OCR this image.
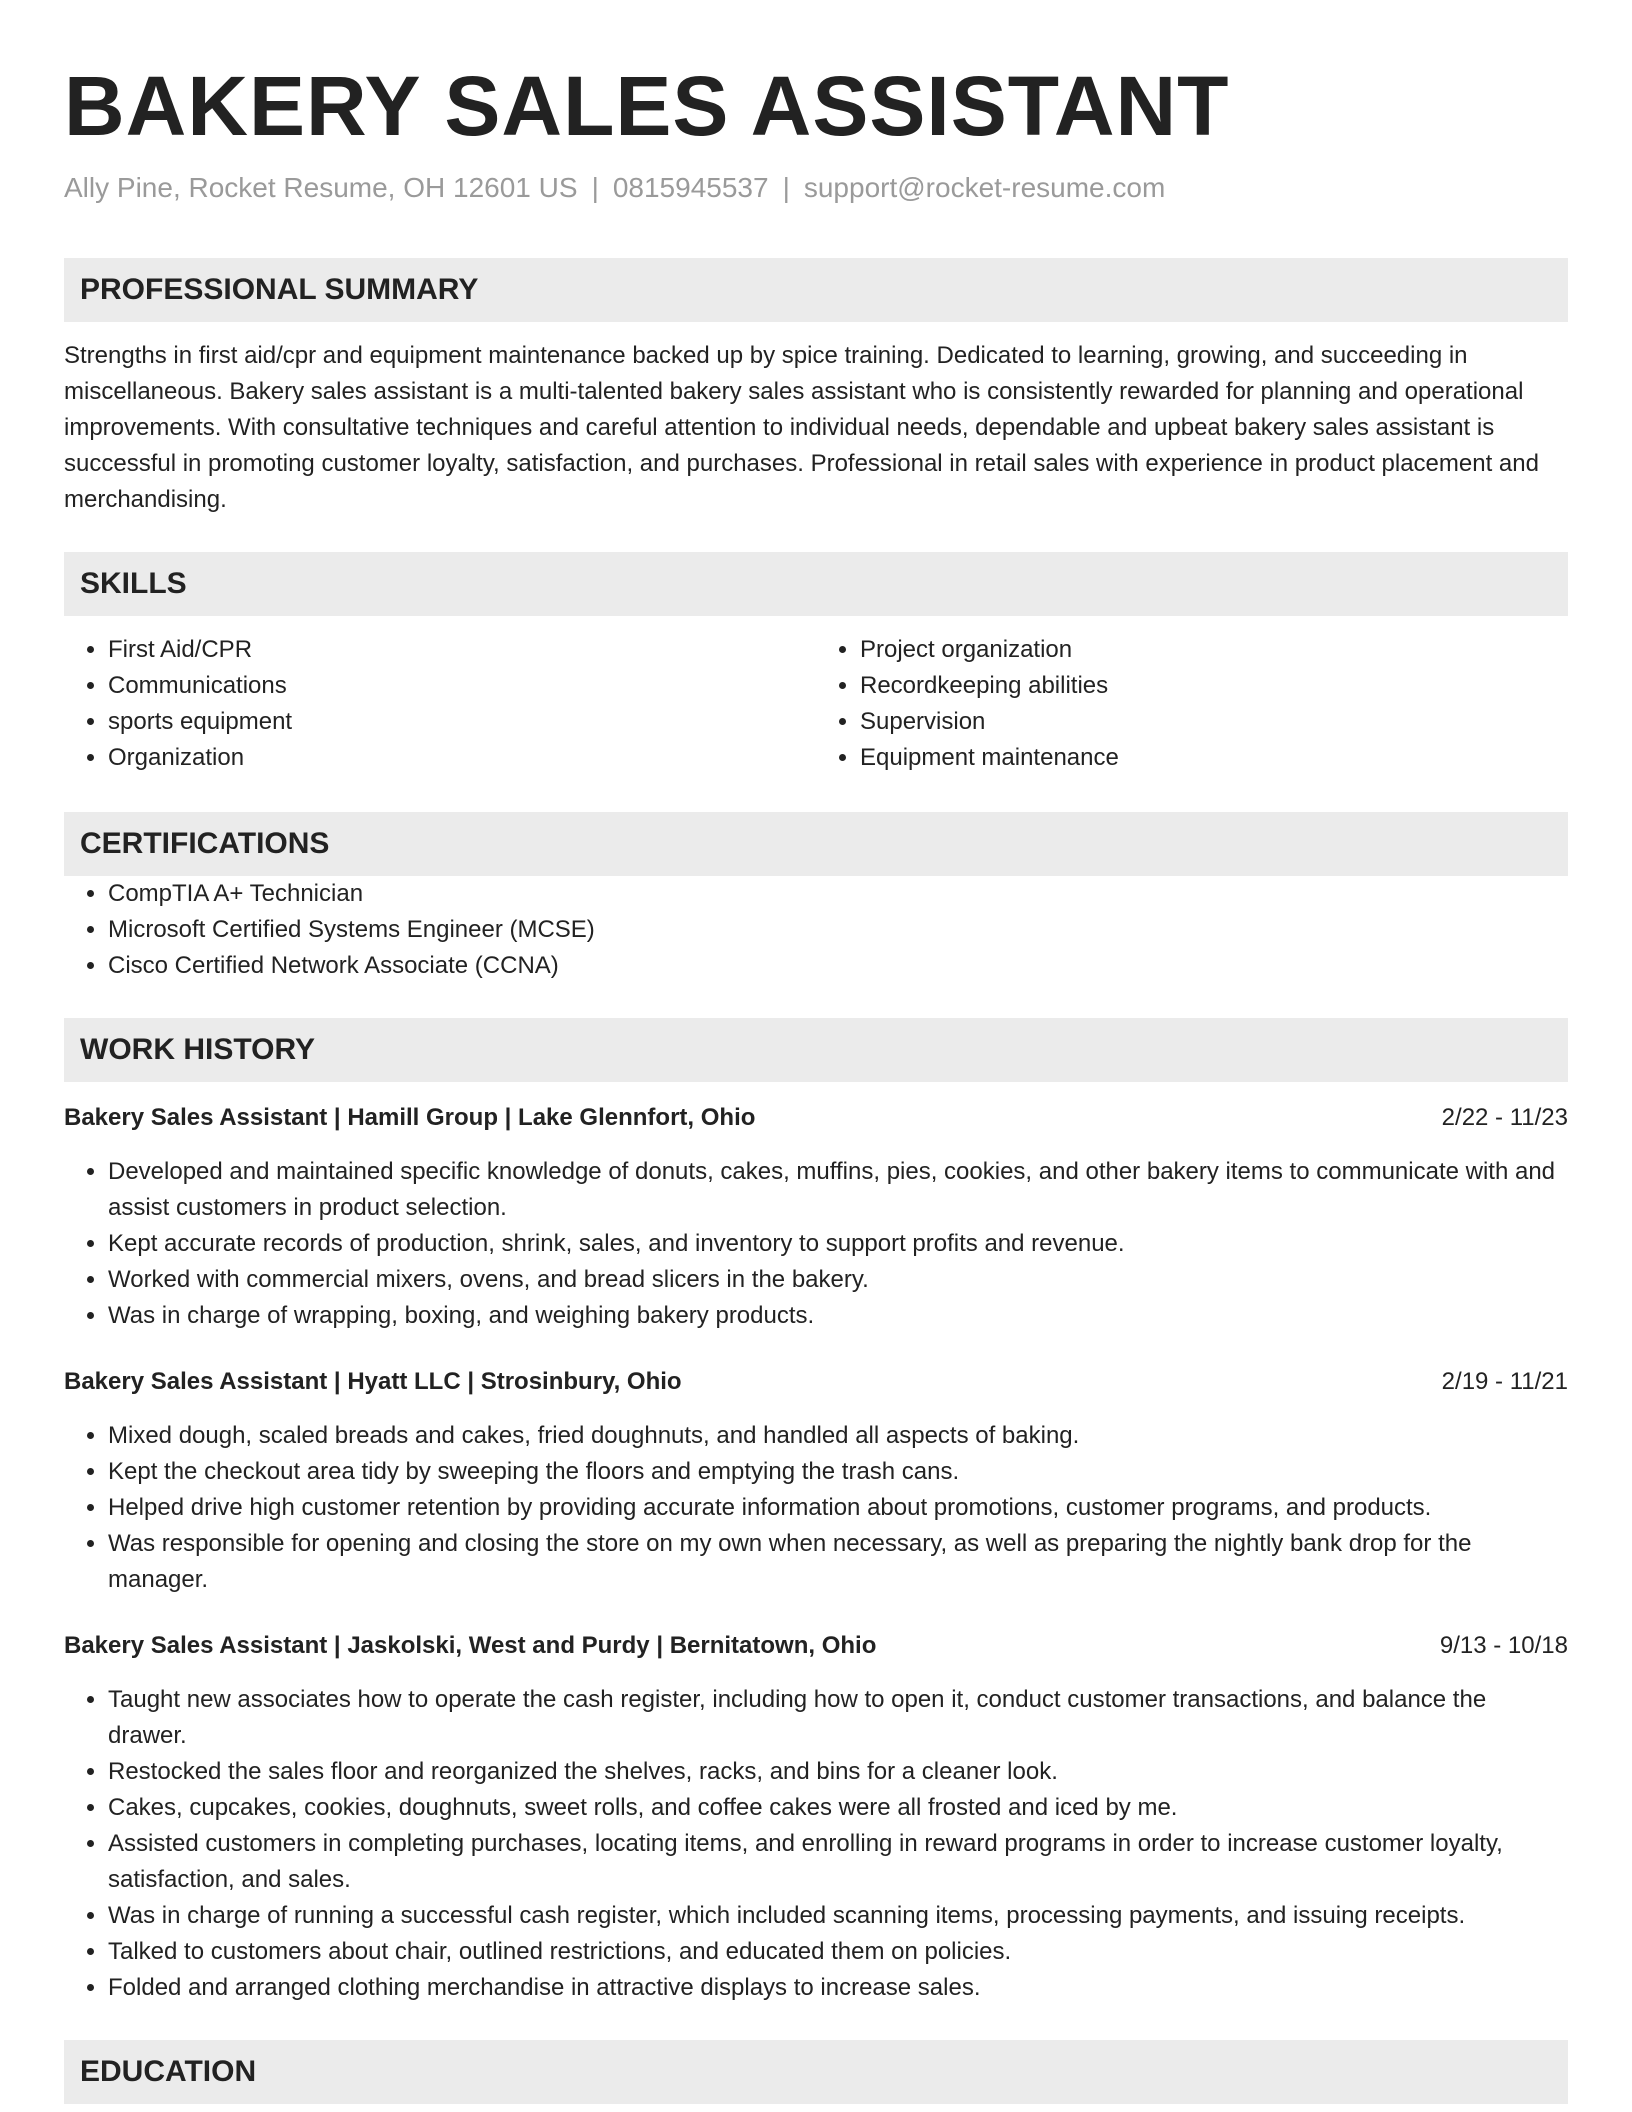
BAKERY SALES ASSISTANT
Ally Pine, Rocket Resume, OH 12601 US | 0815945537 | support@rocket-resume.com
PROFESSIONAL SUMMARY

Strengths in first aid/cpr and equipment maintenance backed up by spice training. Dedicated to learning, growing, and succeeding in miscellaneous. Bakery sales assistant is a multi-talented bakery sales assistant who is consistently rewarded for planning and operational improvements. With consultative techniques and careful attention to individual needs, dependable and upbeat bakery sales assistant is successful in promoting customer loyalty, satisfaction, and purchases. Professional in retail sales with experience in product placement and merchandising.

SKILLS
• First Aid/CPR
• Communications
• sports equipment
• Organization
• Project organization
• Recordkeeping abilities
• Supervision
• Equipment maintenance
CERTIFICATIONS
• CompTIA A+ Technician
• Microsoft Certified Systems Engineer (MCSE)
• Cisco Certified Network Associate (CCNA)
WORK HISTORY
Bakery Sales Assistant | Hamill Group | Lake Glennfort, Ohio	2/22 - 11/23
• Developed and maintained specific knowledge of donuts, cakes, muffins, pies, cookies, and other bakery items to communicate with and assist customers in product selection.
• Kept accurate records of production, shrink, sales, and inventory to support profits and revenue.
• Worked with commercial mixers, ovens, and bread slicers in the bakery.
• Was in charge of wrapping, boxing, and weighing bakery products.
Bakery Sales Assistant | Hyatt LLC | Strosinbury, Ohio	2/19 - 11/21
• Mixed dough, scaled breads and cakes, fried doughnuts, and handled all aspects of baking.
• Kept the checkout area tidy by sweeping the floors and emptying the trash cans.
• Helped drive high customer retention by providing accurate information about promotions, customer programs, and products.
• Was responsible for opening and closing the store on my own when necessary, as well as preparing the nightly bank drop for the manager.
Bakery Sales Assistant | Jaskolski, West and Purdy | Bernitatown, Ohio	9/13 - 10/18
• Taught new associates how to operate the cash register, including how to open it, conduct customer transactions, and balance the drawer.
• Restocked the sales floor and reorganized the shelves, racks, and bins for a cleaner look.
• Cakes, cupcakes, cookies, doughnuts, sweet rolls, and coffee cakes were all frosted and iced by me.
• Assisted customers in completing purchases, locating items, and enrolling in reward programs in order to increase customer loyalty, satisfaction, and sales.
• Was in charge of running a successful cash register, which included scanning items, processing payments, and issuing receipts.
• Talked to customers about chair, outlined restrictions, and educated them on policies.
• Folded and arranged clothing merchandise in attractive displays to increase sales.
EDUCATION
